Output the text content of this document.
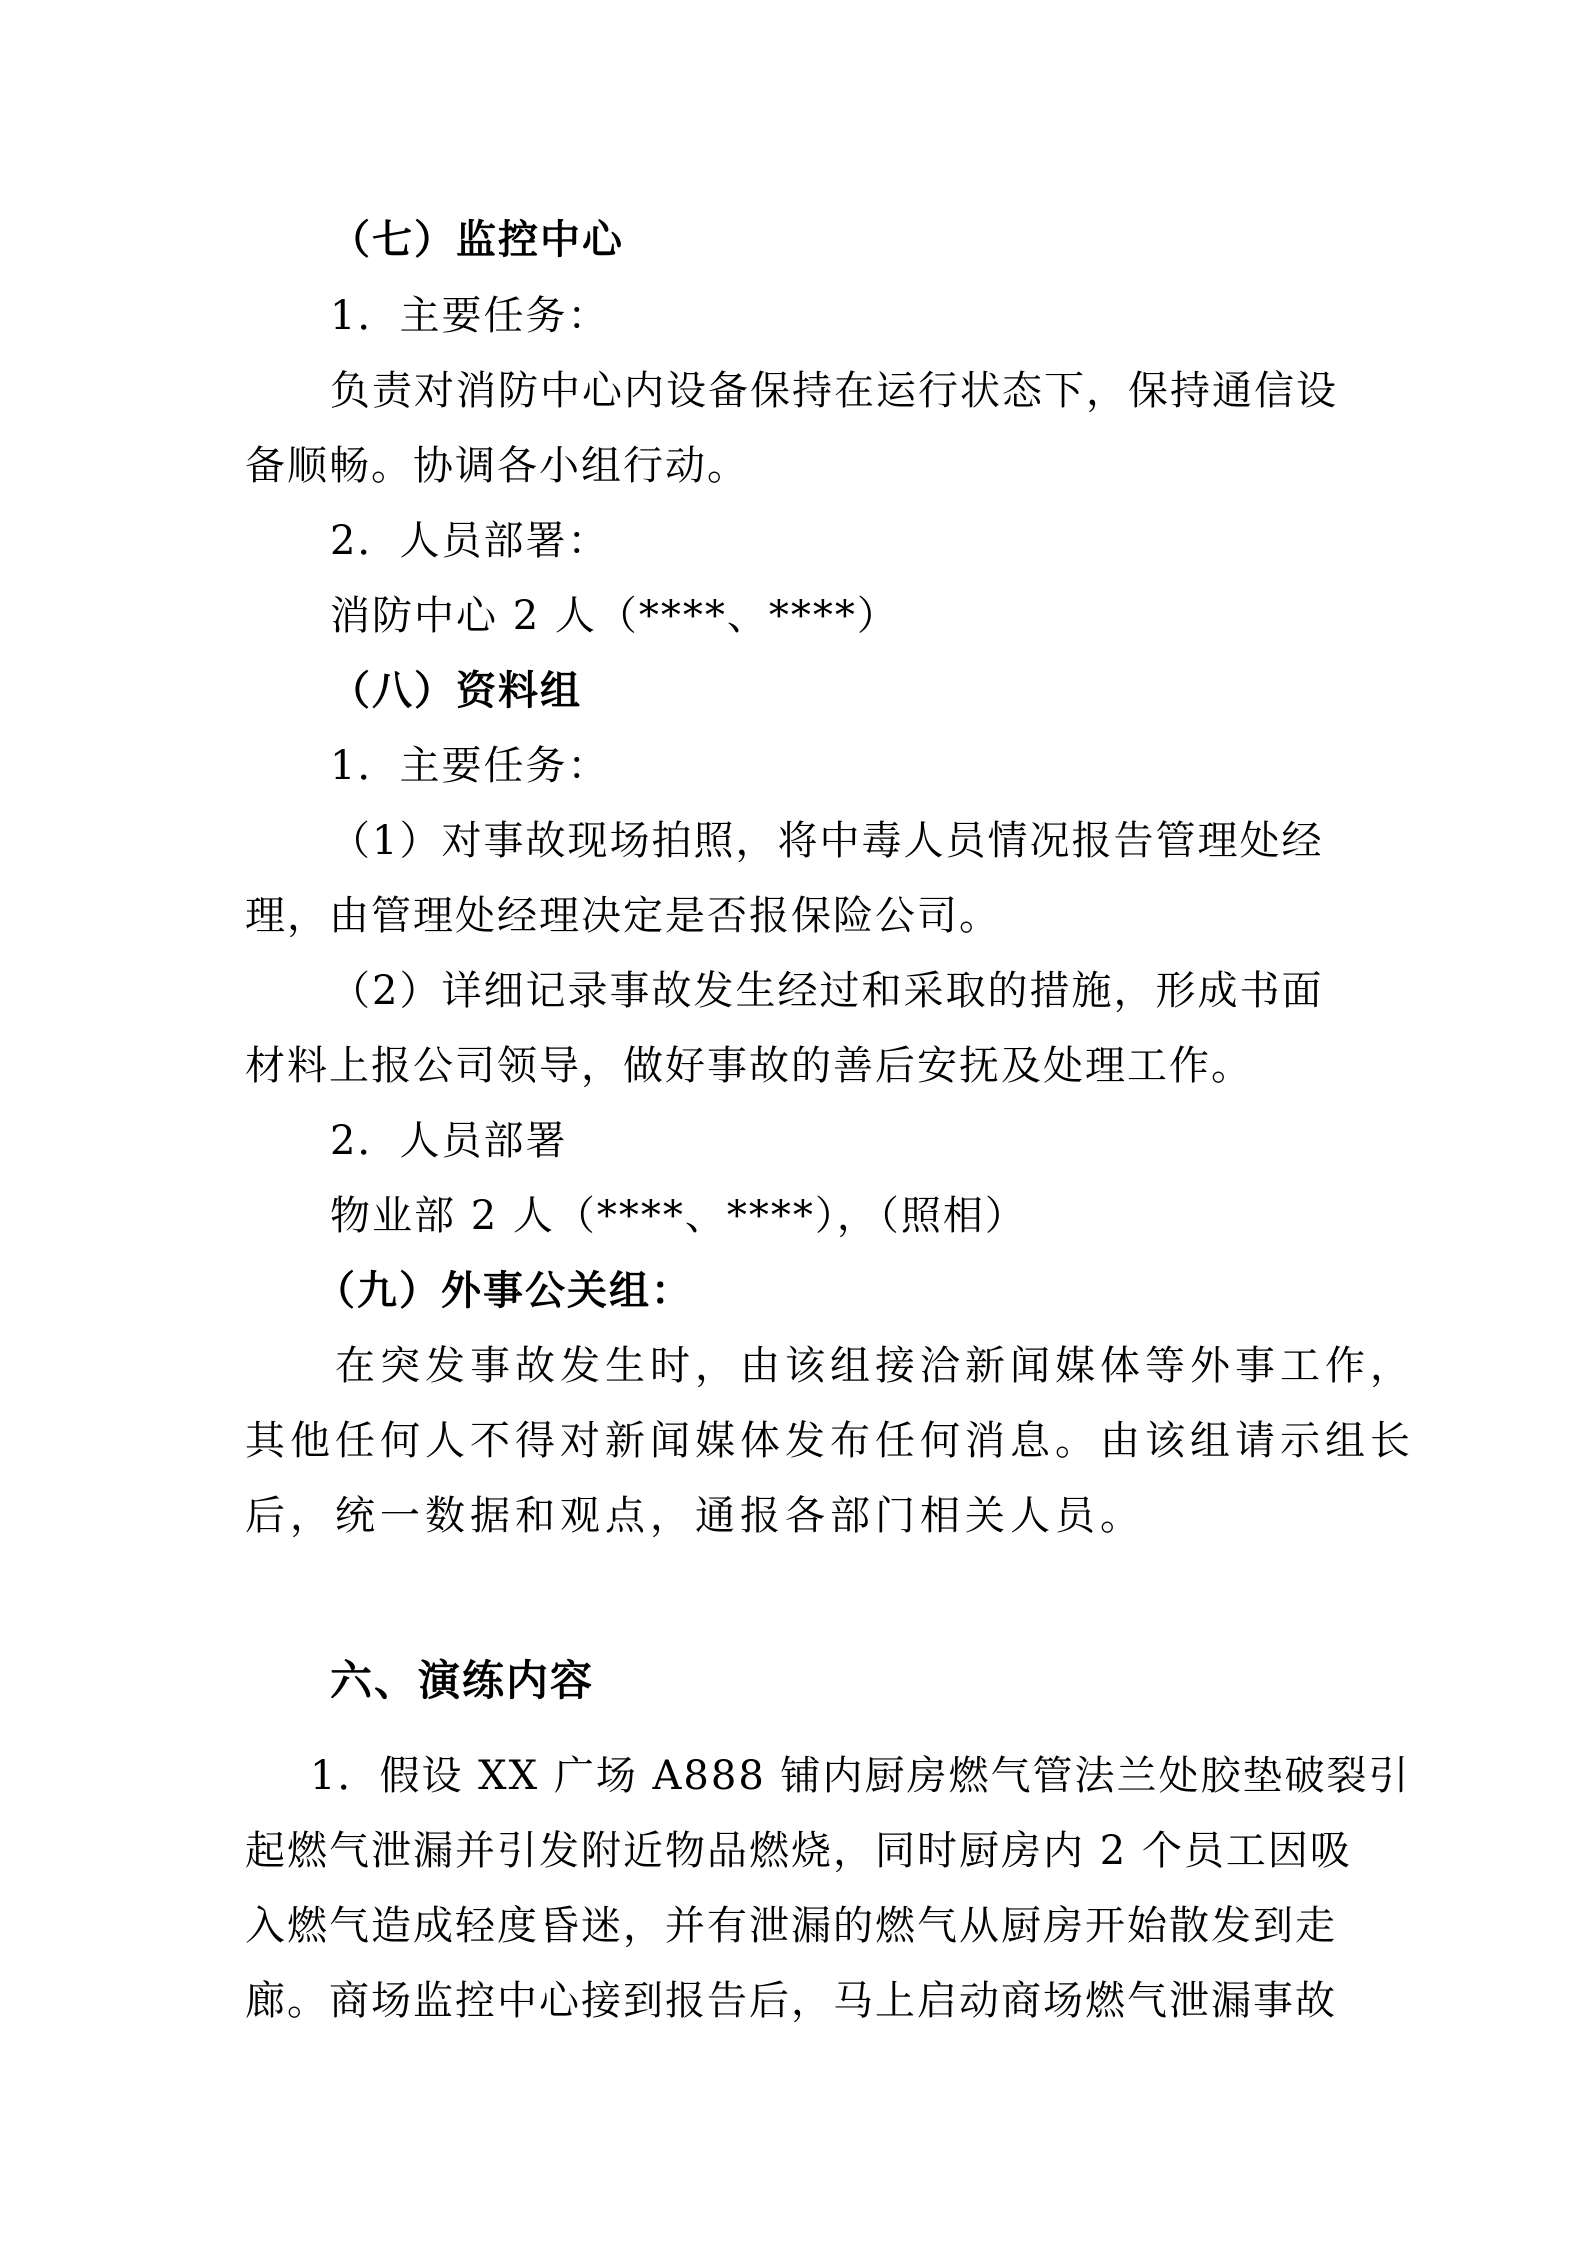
（七）监控中心
1．主要任务：
负责对消防中心内设备保持在运行状态下，保持通信设
备顺畅。协调各小组行动。
2．人员部署：
消防中心 2 人（****、****）
（八）资料组
1．主要任务：
（1）对事故现场拍照，将中毒人员情况报告管理处经
理，由管理处经理决定是否报保险公司。
（2）详细记录事故发生经过和采取的措施，形成书面
材料上报公司领导，做好事故的善后安抚及处理工作。
2．人员部署
物业部 2 人（****、****），（照相）
（九）外事公关组：
在突发事故发生时，由该组接洽新闻媒体等外事工作，
其他任何人不得对新闻媒体发布任何消息。由该组请示组长
后，统一数据和观点，通报各部门相关人员。
六、演练内容
1．假设 XX 广场 A888 铺内厨房燃气管法兰处胶垫破裂引
起燃气泄漏并引发附近物品燃烧，同时厨房内 2 个员工因吸
入燃气造成轻度昏迷，并有泄漏的燃气从厨房开始散发到走
廊。商场监控中心接到报告后，马上启动商场燃气泄漏事故
